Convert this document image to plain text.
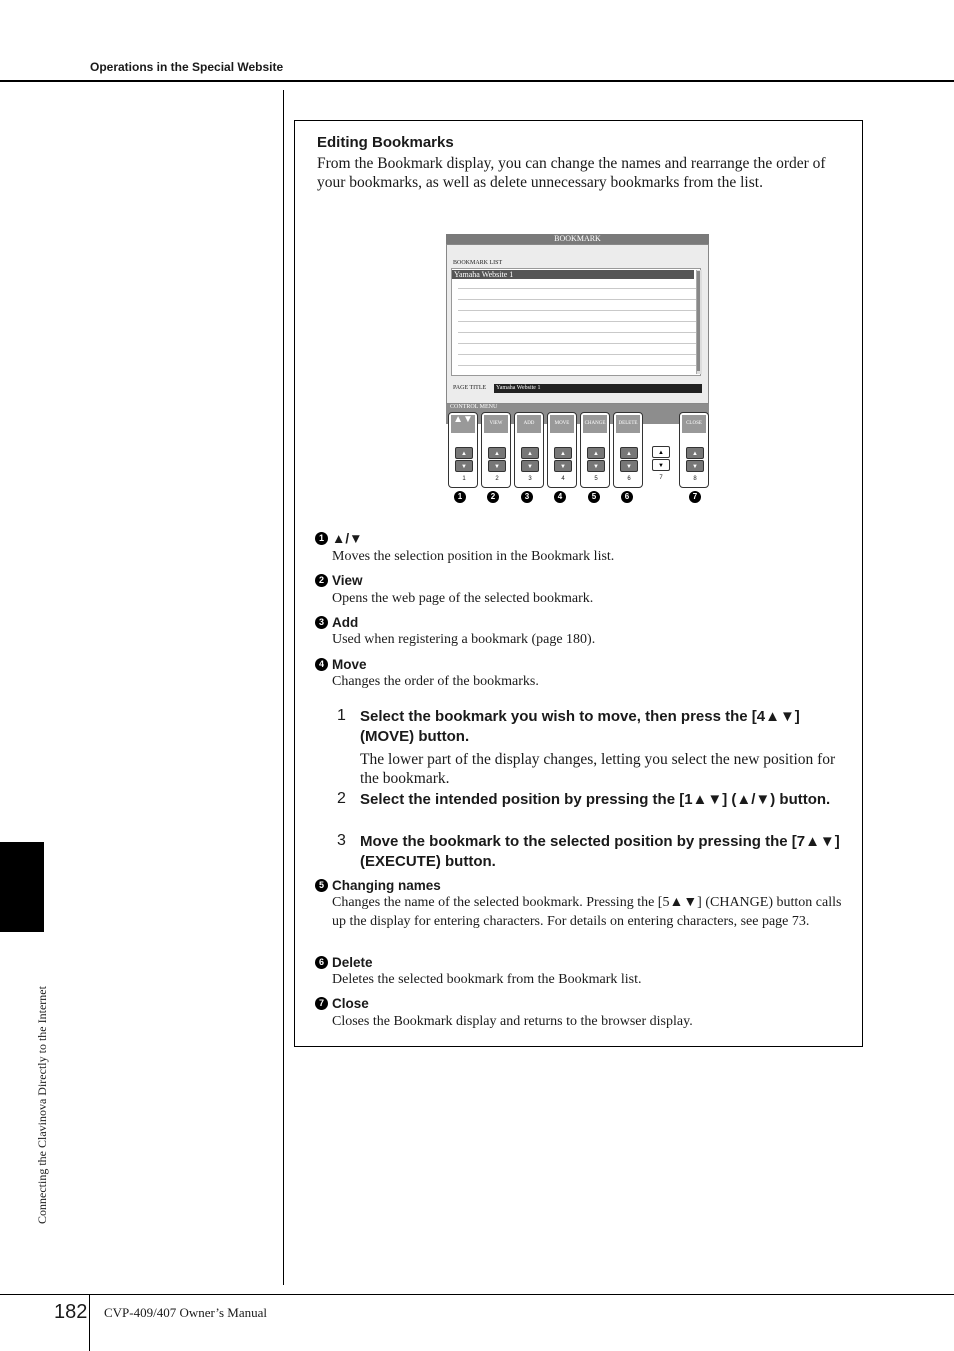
Operations in the Special Website
Connecting the Clavinova Directly to the Internet
182 CVP-409/407 Owner’s Manual
Editing Bookmarks
From the Bookmark display, you can change the names and rearrange the order of your bookmarks, as well as delete unnecessary bookmarks from the list.
BOOKMARK
BOOKMARK LIST
Yamaha Website 1
PAGE TITLE	Yamaha Website 1
CONTROL MENU
▲▼
▲
▼
1
VIEW
▲
▼
2
ADD
▲
▼
3
MOVE
▲
▼
4
CHANGE
▲
▼
5
DELETE
▲
▼
6
▲
▼
7
CLOSE
▲
▼
8
1	2	3	4	5	6	7
1 ▲/▼
Moves the selection position in the Bookmark list.
2 View
Opens the web page of the selected bookmark.
3 Add
Used when registering a bookmark (page 180).
4 Move
Changes the order of the bookmarks.
1 Select the bookmark you wish to move, then press the [4▲▼] (MOVE) button.
The lower part of the display changes, letting you select the new position for the bookmark.
2 Select the intended position by pressing the [1▲▼] (▲/▼) button.
3 Move the bookmark to the selected position by pressing the [7▲▼] (EXECUTE) button.
5 Changing names
Changes the name of the selected bookmark. Pressing the [5▲▼] (CHANGE) button calls up the display for entering characters. For details on entering characters, see page 73.
6 Delete
Deletes the selected bookmark from the Bookmark list.
7 Close
Closes the Bookmark display and returns to the browser display.
